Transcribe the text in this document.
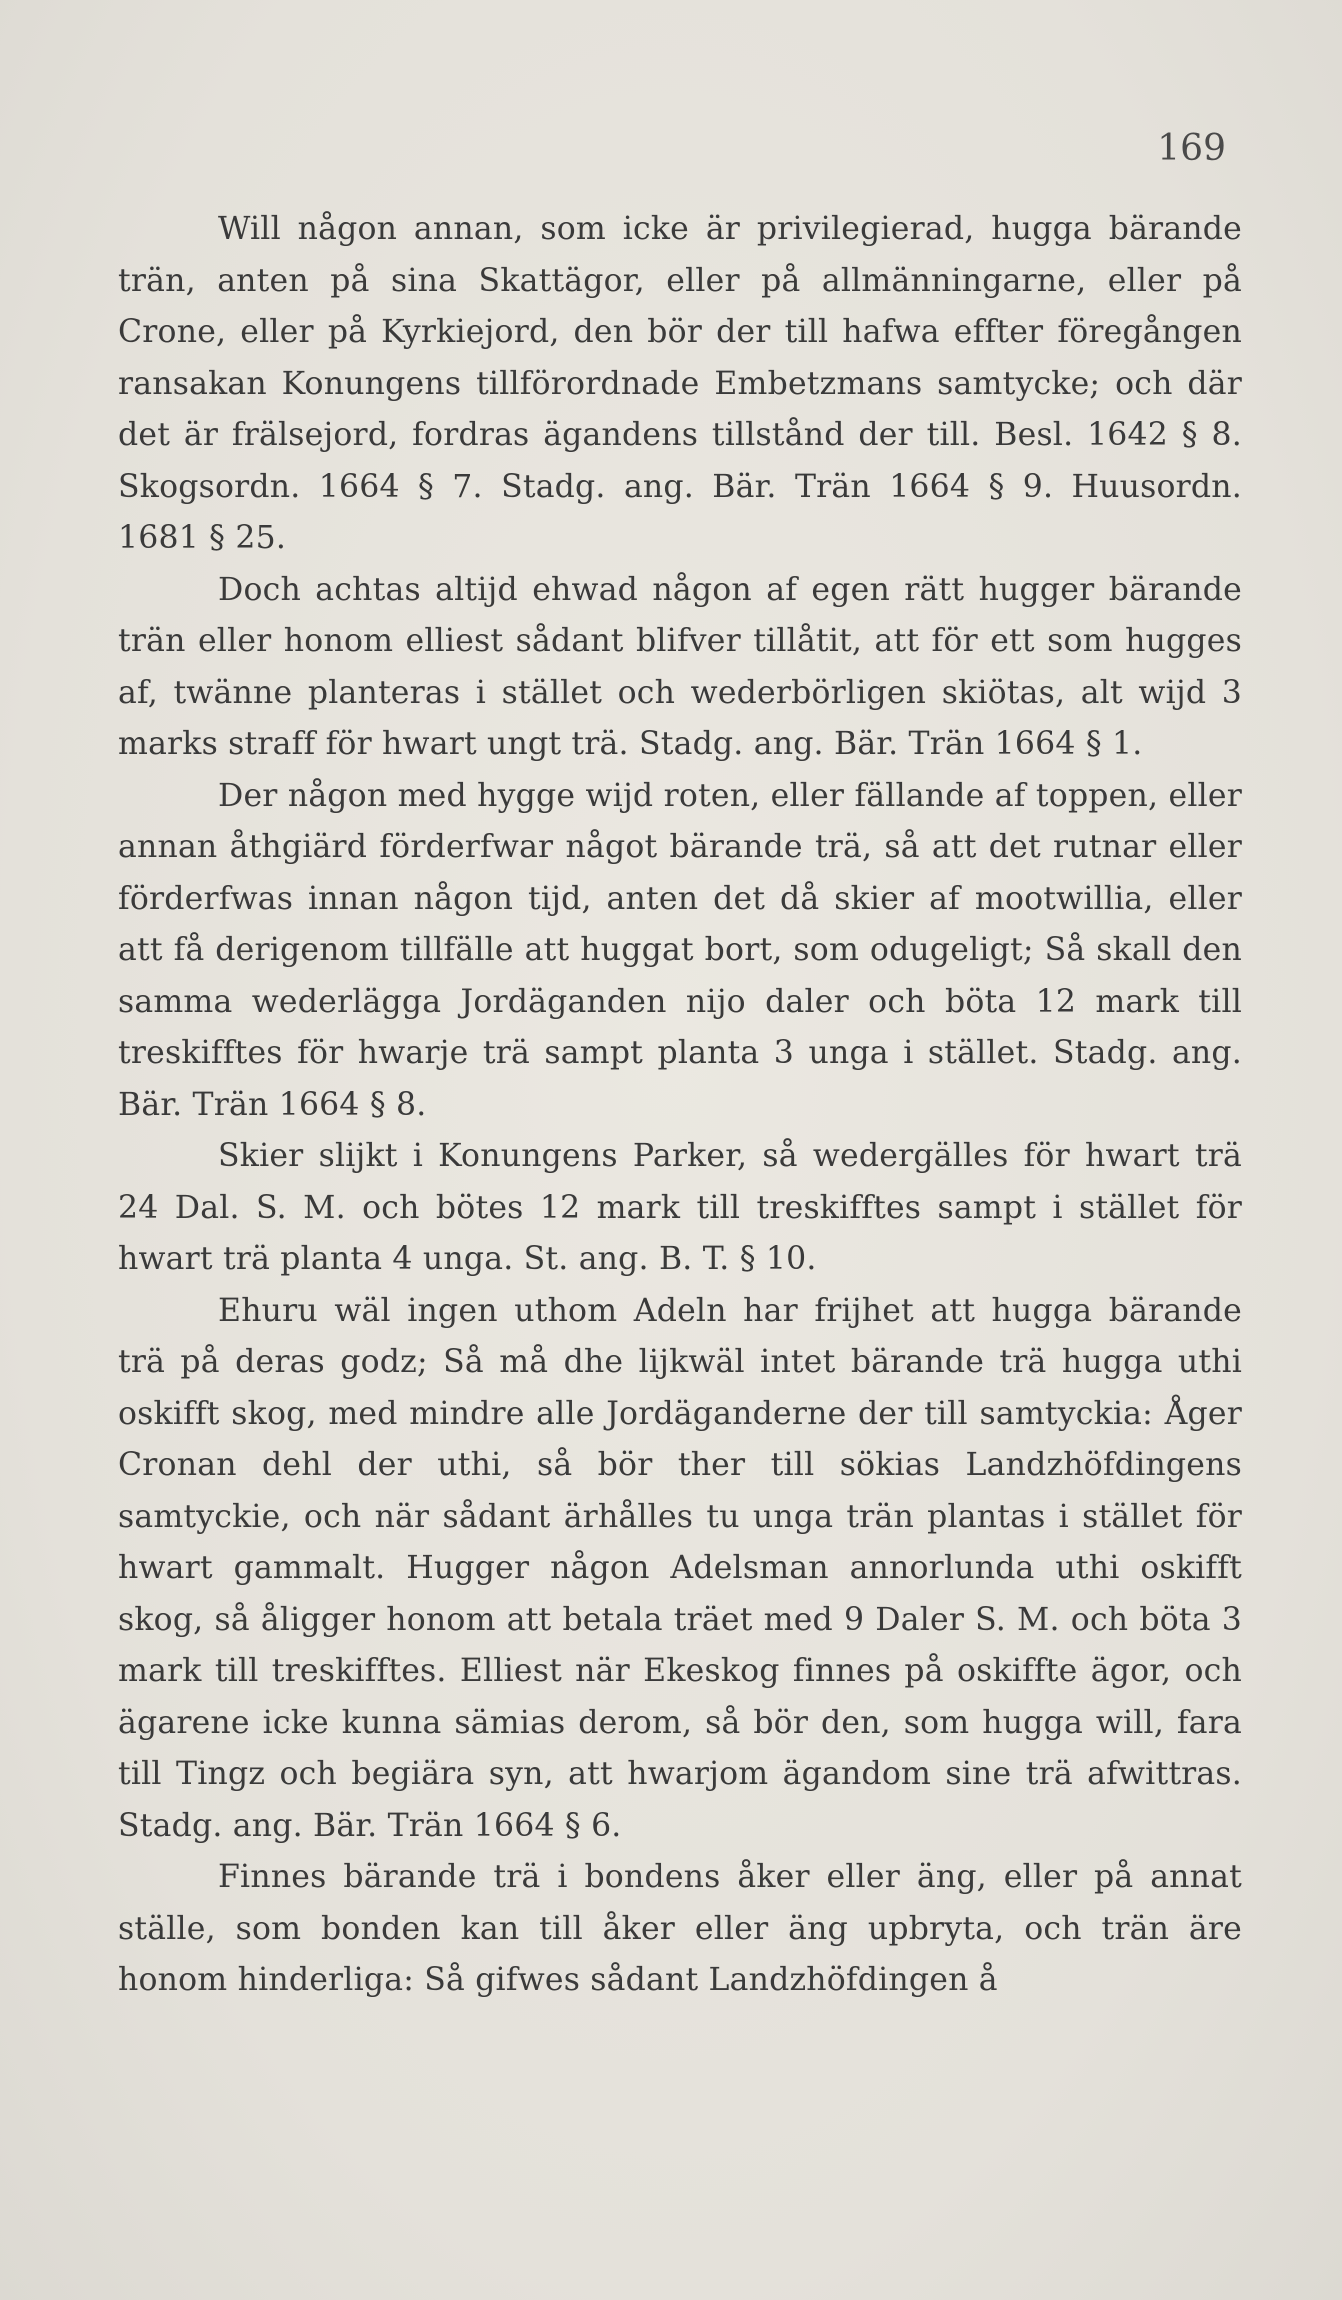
169

Will någon annan, som icke är privilegierad, hugga bärande trän, anten på sina Skattägor, eller på allmänningarne, eller på Crone, eller på Kyrkiejord, den bör der till hafwa effter föregången ransakan Konungens tillförordnade Embetzmans samtycke; och där det är frälsejord, fordras ägandens tillstånd der till. Besl. 1642 § 8. Skogsordn. 1664 § 7. Stadg. ang. Bär. Trän 1664 § 9. Huusordn. 1681 § 25.

Doch achtas altijd ehwad någon af egen rätt hugger bärande trän eller honom elliest sådant blifver tillåtit, att för ett som hugges af, twänne planteras i stället och wederbörligen skiötas, alt wijd 3 marks straff för hwart ungt trä. Stadg. ang. Bär. Trän 1664 § 1.

Der någon med hygge wijd roten, eller fällande af toppen, eller annan åthgiärd förderfwar något bärande trä, så att det rutnar eller förderfwas innan någon tijd, anten det då skier af mootwillia, eller att få derigenom tillfälle att huggat bort, som odugeligt; Så skall den samma wederlägga Jordäganden nijo daler och böta 12 mark till treskifftes för hwarje trä sampt planta 3 unga i stället. Stadg. ang. Bär. Trän 1664 § 8.

Skier slijkt i Konungens Parker, så wedergälles för hwart trä 24 Dal. S. M. och bötes 12 mark till treskifftes sampt i stället för hwart trä planta 4 unga. St. ang. B. T. § 10.

Ehuru wäl ingen uthom Adeln har frijhet att hugga bärande trä på deras godz; Så må dhe lijkwäl intet bärande trä hugga uthi oskifft skog, med mindre alle Jordäganderne der till samtyckia: Åger Cronan dehl der uthi, så bör ther till sökias Landzhöfdingens samtyckie, och när sådant ärhålles tu unga trän plantas i stället för hwart gammalt. Hugger någon Adelsman annorlunda uthi oskifft skog, så åligger honom att betala träet med 9 Daler S. M. och böta 3 mark till treskifftes. Elliest när Ekeskog finnes på oskiffte ägor, och ägarene icke kunna sämias derom, så bör den, som hugga will, fara till Tingz och begiära syn, att hwarjom ägandom sine trä afwittras. Stadg. ang. Bär. Trän 1664 § 6.

Finnes bärande trä i bondens åker eller äng, eller på annat ställe, som bonden kan till åker eller äng upbryta, och trän äre honom hinderliga: Så gifwes sådant Landzhöfdingen å
